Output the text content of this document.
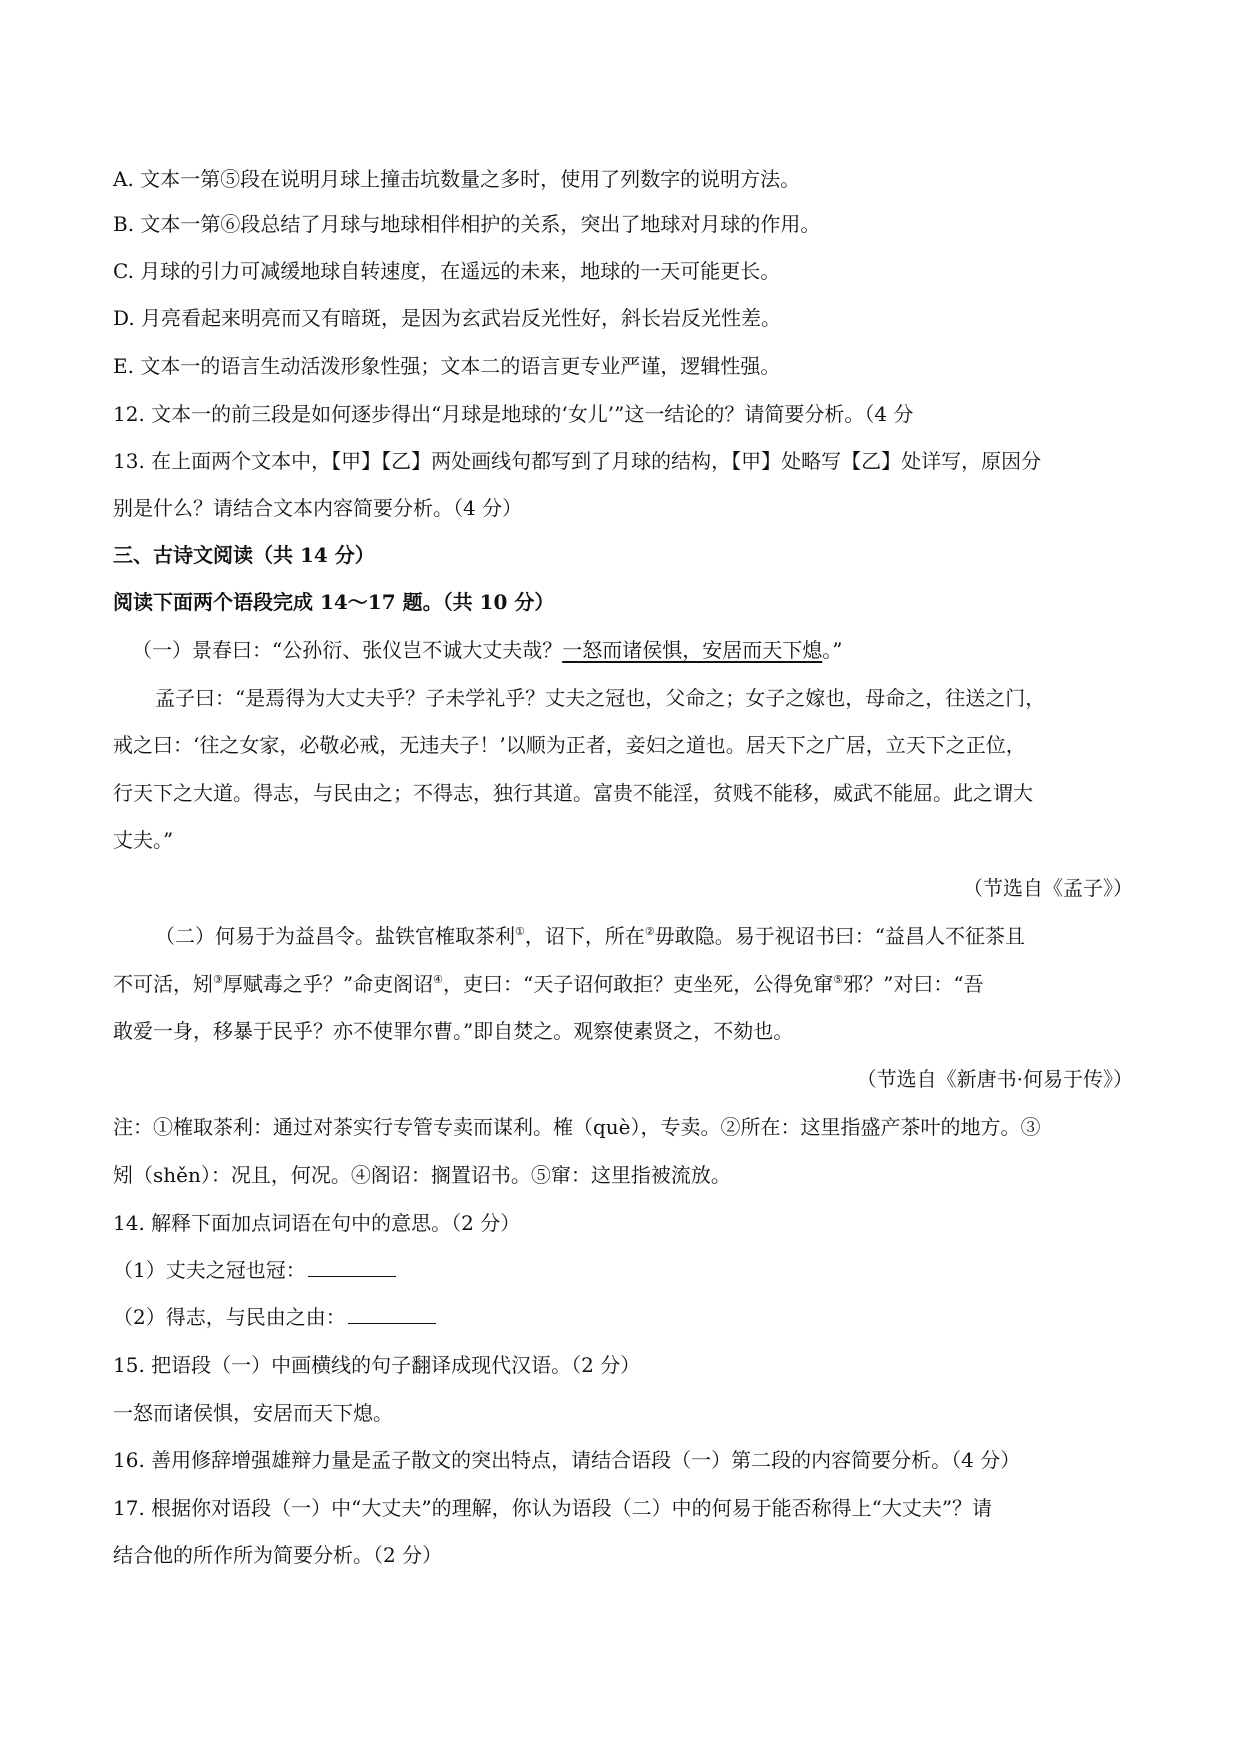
A. 文本一第⑤段在说明月球上撞击坑数量之多时，使用了列数字的说明方法。
B. 文本一第⑥段总结了月球与地球相伴相护的关系，突出了地球对月球的作用。
C. 月球的引力可减缓地球自转速度，在遥远的未来，地球的一天可能更长。
D. 月亮看起来明亮而又有暗斑，是因为玄武岩反光性好，斜长岩反光性差。
E. 文本一的语言生动活泼形象性强；文本二的语言更专业严谨，逻辑性强。
12. 文本一的前三段是如何逐步得出“月球是地球的‘女儿’”这一结论的？请简要分析。（4 分
13. 在上面两个文本中，【甲】【乙】两处画线句都写到了月球的结构，【甲】处略写【乙】处详写，原因分
别是什么？请结合文本内容简要分析。（4 分）
三、古诗文阅读（共 14 分）
阅读下面两个语段完成 14～17 题。（共 10 分）
（一）景春曰：“公孙衍、张仪岂不诚大丈夫哉？一怒而诸侯惧，安居而天下熄。”
孟子曰：“是焉得为大丈夫乎？子未学礼乎？丈夫之冠也，父命之；女子之嫁也，母命之，往送之门，
戒之曰：‘往之女家，必敬必戒，无违夫子！’以顺为正者，妾妇之道也。居天下之广居，立天下之正位，
行天下之大道。得志，与民由之；不得志，独行其道。富贵不能淫，贫贱不能移，威武不能屈。此之谓大
丈夫。”
（节选自《孟子》）
（二）何易于为益昌令。盐铁官榷取茶利①，诏下，所在②毋敢隐。易于视诏书曰：“益昌人不征茶且
不可活，矧③厚赋毒之乎？”命吏阁诏④，吏曰：“天子诏何敢拒？吏坐死，公得免窜⑤邪？”对曰：“吾
敢爱一身，移暴于民乎？亦不使罪尔曹。”即自焚之。观察使素贤之，不劾也。
（节选自《新唐书·何易于传》）
注：①榷取茶利：通过对茶实行专管专卖而谋利。榷（què），专卖。②所在：这里指盛产茶叶的地方。③
矧（shěn）：况且，何况。④阁诏：搁置诏书。⑤窜：这里指被流放。
14. 解释下面加点词语在句中的意思。（2 分）
（1）丈夫之冠也冠：
（2）得志，与民由之由：
15. 把语段（一）中画横线的句子翻译成现代汉语。（2 分）
一怒而诸侯惧，安居而天下熄。
16. 善用修辞增强雄辩力量是孟子散文的突出特点，请结合语段（一）第二段的内容简要分析。（4 分）
17. 根据你对语段（一）中“大丈夫”的理解，你认为语段（二）中的何易于能否称得上“大丈夫”？请
结合他的所作所为简要分析。（2 分）
